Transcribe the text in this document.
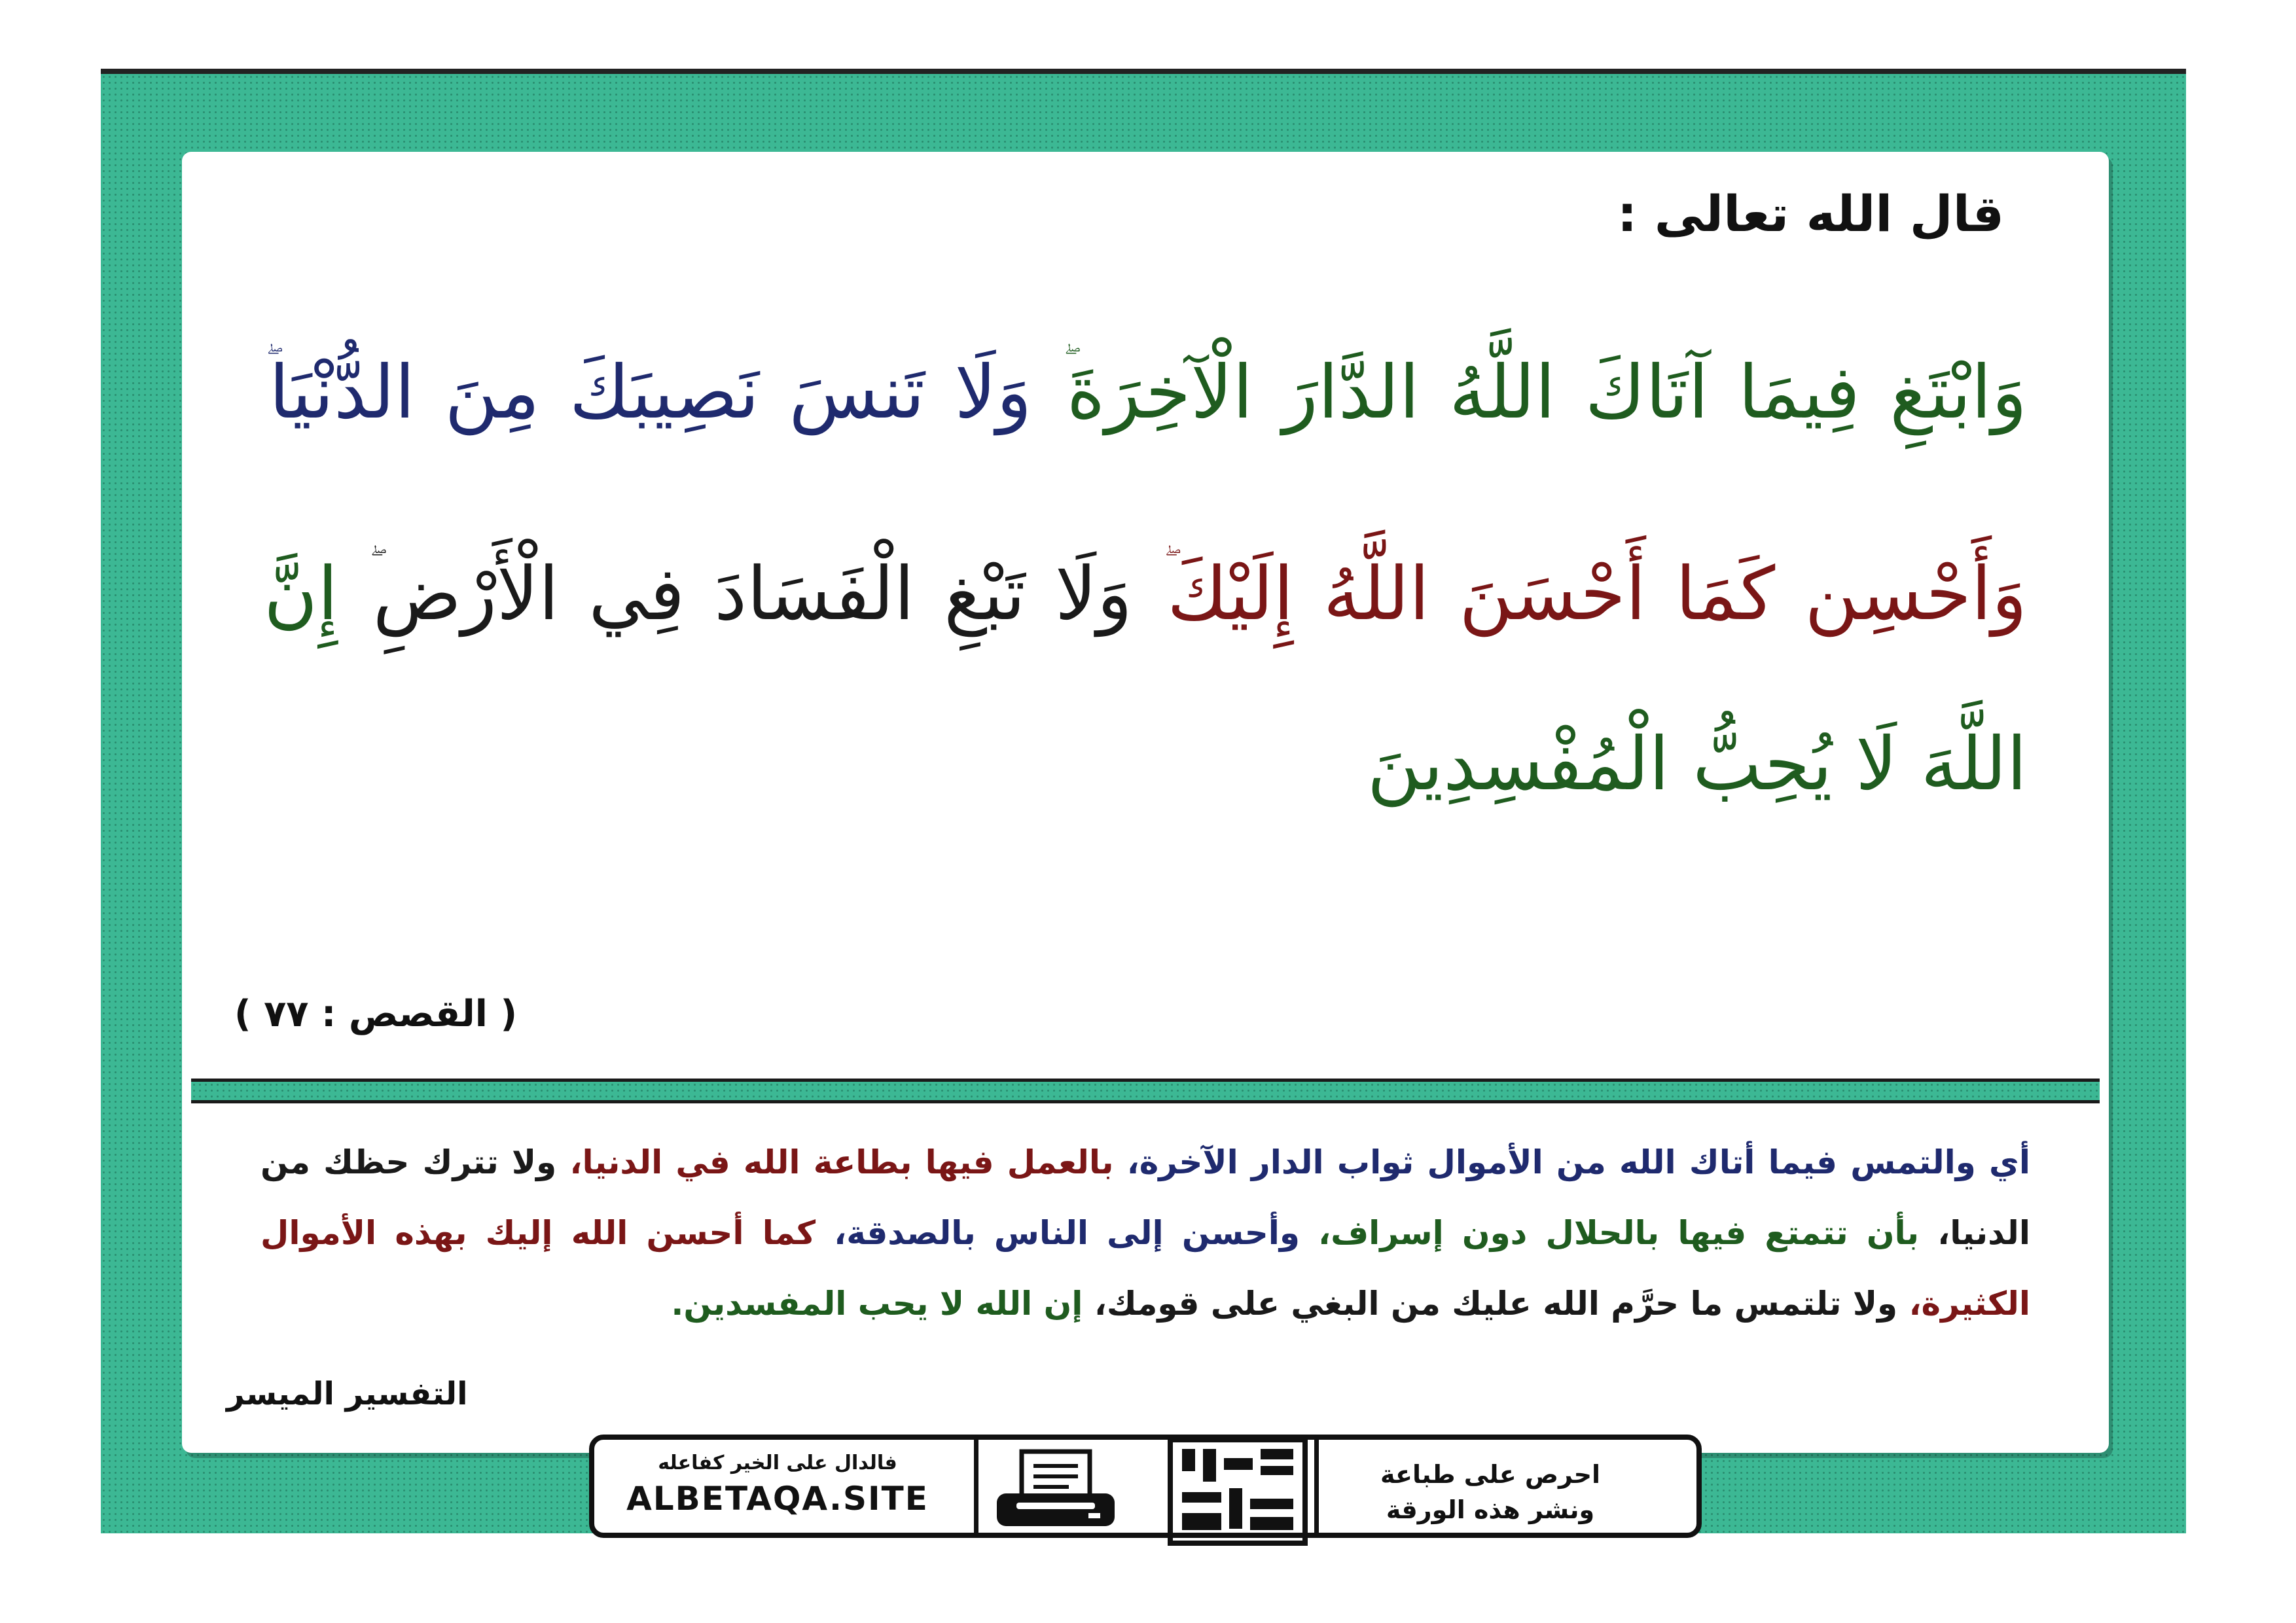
قال الله تعالى :
وَابْتَغِ فِيمَا آتَاكَ اللَّهُ الدَّارَ الْآخِرَةَ وَلَا تَنسَ نَصِيبَكَ مِنَ الدُّنْيَا وَأَحْسِن كَمَا أَحْسَنَ اللَّهُ إِلَيْكَ وَلَا تَبْغِ الْفَسَادَ فِي الْأَرْضِ إِنَّ اللَّهَ لَا يُحِبُّ الْمُفْسِدِينَ
( القصص : ٧٧ )
أي والتمس فيما أتاك الله من الأموال ثواب الدار الآخرة، بالعمل فيها بطاعة الله في الدنيا، ولا تترك حظك من الدنيا، بأن تتمتع فيها بالحلال دون إسراف، وأحسن إلى الناس بالصدقة، كما أحسن الله إليك بهذه الأموال الكثيرة، ولا تلتمس ما حرَّم الله عليك من البغي على قومك، إن الله لا يحب المفسدين.
التفسير الميسر
فالدال على الخير كفاعله
ALBETAQA.SITE
احرص على طباعة
ونشر هذه الورقة
